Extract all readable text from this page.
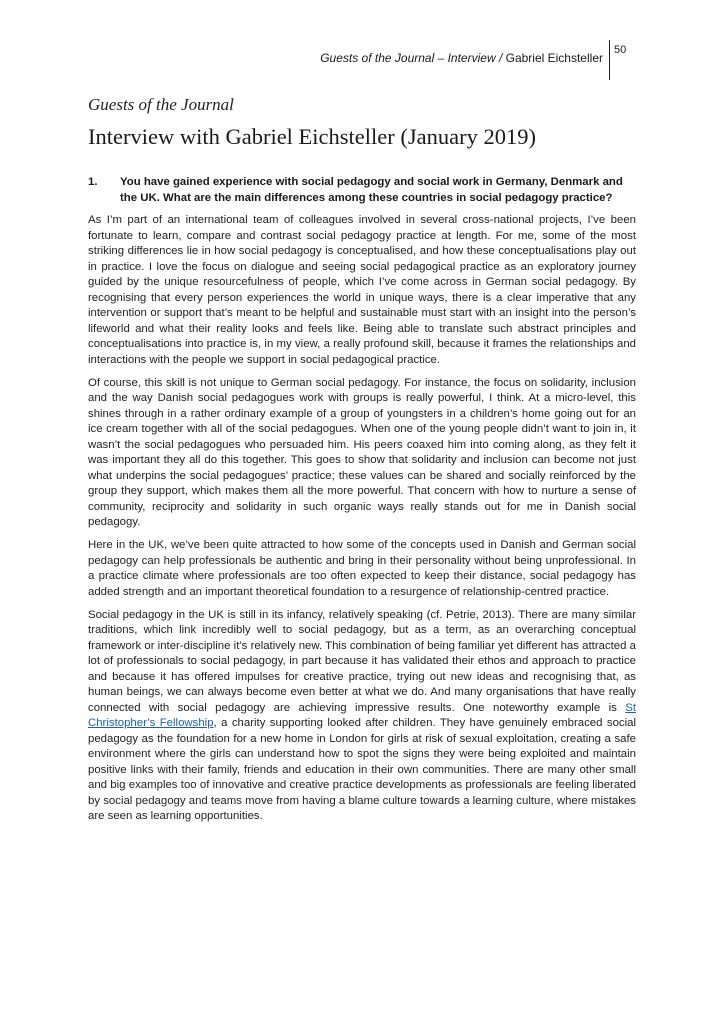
Guests of the Journal – Interview / Gabriel Eichsteller
50
Guests of the Journal
Interview with Gabriel Eichsteller (January 2019)
1.	You have gained experience with social pedagogy and social work in Germany, Denmark and the UK. What are the main differences among these countries in social pedagogy practice?

As I’m part of an international team of colleagues involved in several cross-national projects, I’ve been fortunate to learn, compare and contrast social pedagogy practice at length. For me, some of the most striking differences lie in how social pedagogy is conceptualised, and how these conceptualisations play out in practice. I love the focus on dialogue and seeing social pedagogical practice as an exploratory journey guided by the unique resourcefulness of people, which I’ve come across in German social pedagogy. By recognising that every person experiences the world in unique ways, there is a clear imperative that any intervention or support that’s meant to be helpful and sustainable must start with an insight into the person’s lifeworld and what their reality looks and feels like. Being able to translate such abstract principles and conceptualisations into practice is, in my view, a really profound skill, because it frames the relationships and interactions with the people we support in social pedagogical practice.

Of course, this skill is not unique to German social pedagogy. For instance, the focus on solidarity, inclusion and the way Danish social pedagogues work with groups is really powerful, I think. At a micro-level, this shines through in a rather ordinary example of a group of youngsters in a children’s home going out for an ice cream together with all of the social pedagogues. When one of the young people didn’t want to join in, it wasn’t the social pedagogues who persuaded him. His peers coaxed him into coming along, as they felt it was important they all do this together. This goes to show that solidarity and inclusion can become not just what underpins the social pedagogues’ practice; these values can be shared and socially reinforced by the group they support, which makes them all the more powerful. That concern with how to nurture a sense of community, reciprocity and solidarity in such organic ways really stands out for me in Danish social pedagogy.

Here in the UK, we’ve been quite attracted to how some of the concepts used in Danish and German social pedagogy can help professionals be authentic and bring in their personality without being unprofessional. In a practice climate where professionals are too often expected to keep their distance, social pedagogy has added strength and an important theoretical foundation to a resurgence of relationship-centred practice.

Social pedagogy in the UK is still in its infancy, relatively speaking (cf. Petrie, 2013). There are many similar traditions, which link incredibly well to social pedagogy, but as a term, as an overarching conceptual framework or inter-discipline it’s relatively new. This combination of being familiar yet different has attracted a lot of professionals to social pedagogy, in part because it has validated their ethos and approach to practice and because it has offered impulses for creative practice, trying out new ideas and recognising that, as human beings, we can always become even better at what we do. And many organisations that have really connected with social pedagogy are achieving impressive results. One noteworthy example is St Christopher’s Fellowship, a charity supporting looked after children. They have genuinely embraced social pedagogy as the foundation for a new home in London for girls at risk of sexual exploitation, creating a safe environment where the girls can understand how to spot the signs they were being exploited and maintain positive links with their family, friends and education in their own communities. There are many other small and big examples too of innovative and creative practice developments as professionals are feeling liberated by social pedagogy and teams move from having a blame culture towards a learning culture, where mistakes are seen as learning opportunities.
